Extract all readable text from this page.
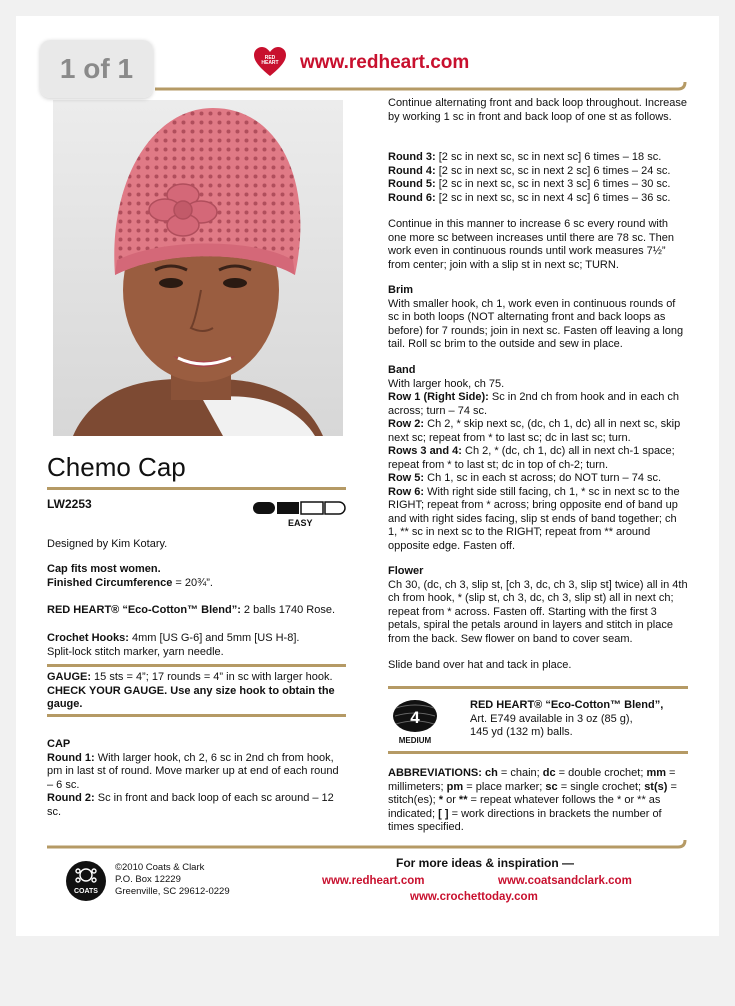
1 of 1	RED
HEART www.redheart.com
Chemo Cap
LW2253
EASY
Designed by Kim Kotary.

Cap fits most women.

Finished Circumference = 20¾”.

RED HEART® “Eco-Cotton™ Blend”: 2 balls 1740 Rose.

Crochet Hooks: 4mm [US G-6] and 5mm [US H-8].

Split-lock stitch marker, yarn needle.

GAUGE: 15 sts = 4”; 17 rounds = 4” in sc with larger hook.

CHECK YOUR GAUGE. Use any size hook to obtain the gauge.

CAP

Round 1: With larger hook, ch 2, 6 sc in 2nd ch from hook, pm in last st of round. Move marker up at end of each round – 6 sc.

Round 2: Sc in front and back loop of each sc around – 12 sc.

Continue alternating front and back loop throughout. Increase by working 1 sc in front and back loop of one st as follows.

Round 3: [2 sc in next sc, sc in next sc] 6 times – 18 sc.

Round 4: [2 sc in next sc, sc in next 2 sc] 6 times – 24 sc.

Round 5: [2 sc in next sc, sc in next 3 sc] 6 times – 30 sc.

Round 6: [2 sc in next sc, sc in next 4 sc] 6 times – 36 sc.

Continue in this manner to increase 6 sc every round with one more sc between increases until there are 78 sc. Then work even in continuous rounds until work measures 7½” from center; join with a slip st in next sc; TURN.

Brim

With smaller hook, ch 1, work even in continuous rounds of sc in both loops (NOT alternating front and back loops as before) for 7 rounds; join in next sc. Fasten off leaving a long tail. Roll sc brim to the outside and sew in place.

Band

With larger hook, ch 75.

Row 1 (Right Side): Sc in 2nd ch from hook and in each ch across; turn – 74 sc.

Row 2: Ch 2, * skip next sc, (dc, ch 1, dc) all in next sc, skip next sc; repeat from * to last sc; dc in last sc; turn.

Rows 3 and 4: Ch 2, * (dc, ch 1, dc) all in next ch-1 space; repeat from * to last st; dc in top of ch-2; turn.

Row 5: Ch 1, sc in each st across; do NOT turn – 74 sc.

Row 6: With right side still facing, ch 1, * sc in next sc to the RIGHT; repeat from * across; bring opposite end of band up and with right sides facing, slip st ends of band together; ch 1, ** sc in next sc to the RIGHT; repeat from ** around opposite edge. Fasten off.

Flower

Ch 30, (dc, ch 3, slip st, [ch 3, dc, ch 3, slip st] twice) all in 4th ch from hook, * (slip st, ch 3, dc, ch 3, slip st) all in next ch; repeat from * across. Fasten off. Starting with the first 3 petals, spiral the petals around in layers and stitch in place from the back. Sew flower on band to cover seam.

Slide band over hat and tack in place.
4
MEDIUM

RED HEART® “Eco-Cotton™ Blend”,

Art. E749 available in 3 oz (85 g),

145 yd (132 m) balls.

ABBREVIATIONS: ch = chain; dc = double crochet; mm = millimeters; pm = place marker; sc = single crochet; st(s) = stitch(es); * or ** = repeat whatever follows the * or ** as indicated; [ ] = work directions in brackets the number of times specified.
COATS

©2010 Coats & Clark

P.O. Box 12229

Greenville, SC 29612-0229

For more ideas & inspiration —
www.redheart.com	www.coatsandclark.com
www.crochettoday.com
